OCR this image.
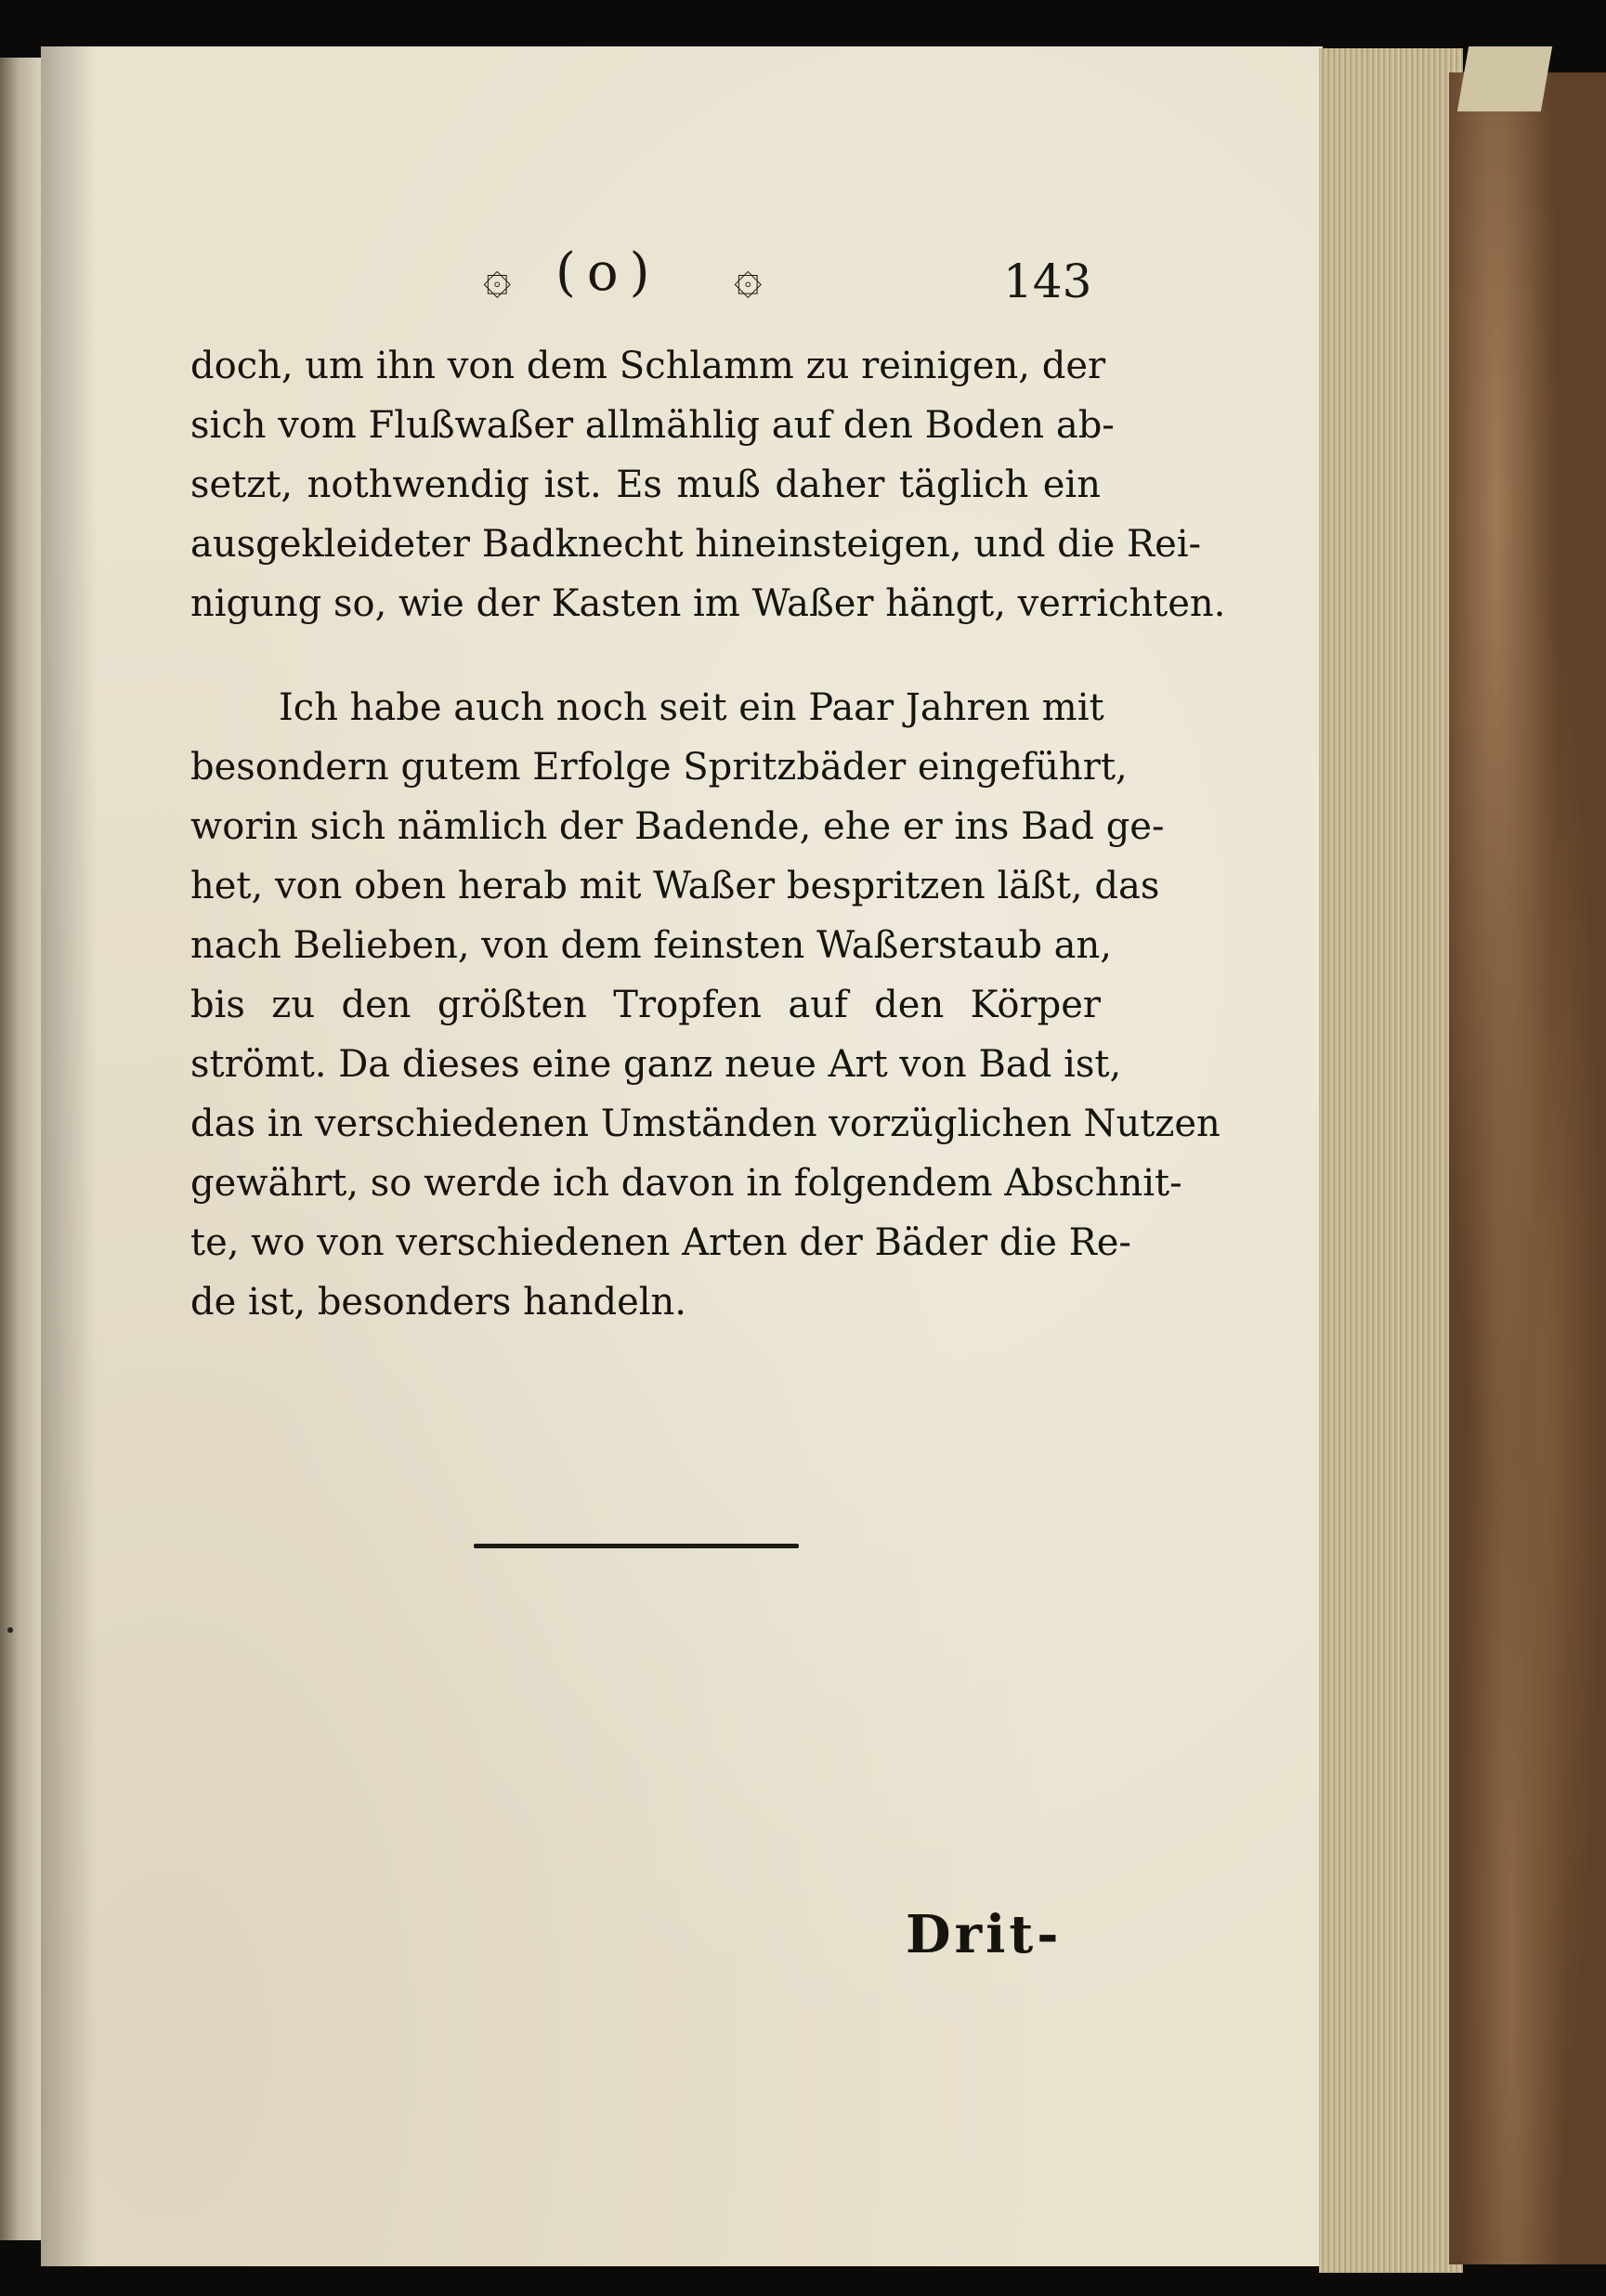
۞ (o) ۞	143
doch, um ihn von dem Schlamm zu reinigen, der
sich vom Flußwaßer allmählig auf den Boden ab-
setzt, nothwendig ist. Es muß daher täglich ein
ausgekleideter Badknecht hineinsteigen, und die Rei-
nigung so, wie der Kasten im Waßer hängt, verrichten.
Ich habe auch noch seit ein Paar Jahren mit
besondern gutem Erfolge Spritzbäder eingeführt,
worin sich nämlich der Badende, ehe er ins Bad ge-
het, von oben herab mit Waßer bespritzen läßt, das
nach Belieben, von dem feinsten Waßerstaub an,
bis zu den größten Tropfen auf den Körper
strömt. Da dieses eine ganz neue Art von Bad ist,
das in verschiedenen Umständen vorzüglichen Nutzen
gewährt, so werde ich davon in folgendem Abschnit-
te, wo von verschiedenen Arten der Bäder die Re-
de ist, besonders handeln.
Drit-
